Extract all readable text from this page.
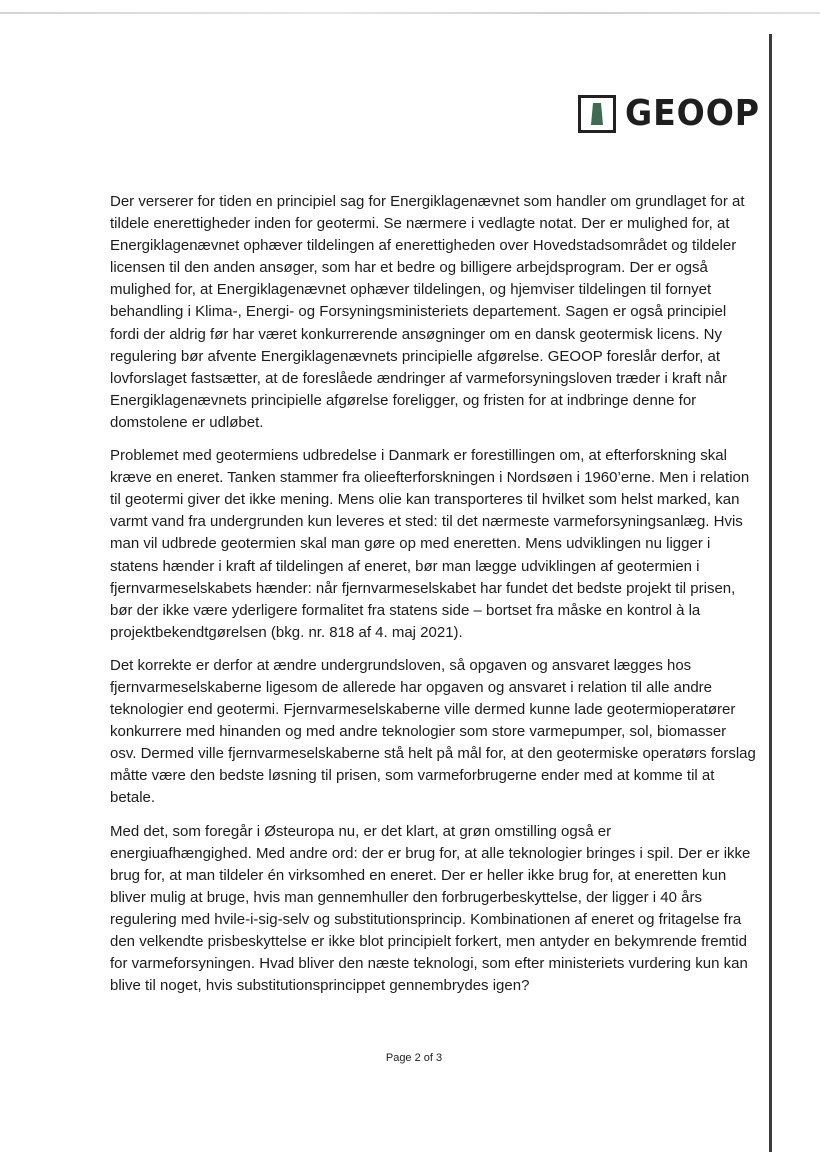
GEOOP

Der verserer for tiden en principiel sag for Energiklagenævnet som handler om grundlaget for at tildele enerettigheder inden for geotermi. Se nærmere i vedlagte notat. Der er mulighed for, at Energiklagenævnet ophæver tildelingen af enerettigheden over Hovedstadsområdet og tildeler licensen til den anden ansøger, som har et bedre og billigere arbejdsprogram. Der er også mulighed for, at Energiklagenævnet ophæver tildelingen, og hjemviser tildelingen til fornyet behandling i Klima-, Energi- og Forsyningsministeriets departement. Sagen er også principiel fordi der aldrig før har været konkurrerende ansøgninger om en dansk geotermisk licens. Ny regulering bør afvente Energiklagenævnets principielle afgørelse. GEOOP foreslår derfor, at lovforslaget fastsætter, at de foreslåede ændringer af varmeforsyningsloven træder i kraft når Energiklagenævnets principielle afgørelse foreligger, og fristen for at indbringe denne for domstolene er udløbet.

Problemet med geotermiens udbredelse i Danmark er forestillingen om, at efterforskning skal kræve en eneret. Tanken stammer fra olieefterforskningen i Nordsøen i 1960’erne. Men i relation til geotermi giver det ikke mening. Mens olie kan transporteres til hvilket som helst marked, kan varmt vand fra undergrunden kun leveres et sted: til det nærmeste varmeforsyningsanlæg. Hvis man vil udbrede geotermien skal man gøre op med eneretten. Mens udviklingen nu ligger i statens hænder i kraft af tildelingen af eneret, bør man lægge udviklingen af geotermien i fjernvarmeselskabets hænder: når fjernvarmeselskabet har fundet det bedste projekt til prisen, bør der ikke være yderligere formalitet fra statens side – bortset fra måske en kontrol à la projektbekendtgørelsen (bkg. nr. 818 af 4. maj 2021).

Det korrekte er derfor at ændre undergrundsloven, så opgaven og ansvaret lægges hos fjernvarmeselskaberne ligesom de allerede har opgaven og ansvaret i relation til alle andre teknologier end geotermi. Fjernvarmeselskaberne ville dermed kunne lade geotermioperatører konkurrere med hinanden og med andre teknologier som store varmepumper, sol, biomasser osv. Dermed ville fjernvarmeselskaberne stå helt på mål for, at den geotermiske operatørs forslag måtte være den bedste løsning til prisen, som varmeforbrugerne ender med at komme til at betale.

Med det, som foregår i Østeuropa nu, er det klart, at grøn omstilling også er energiuafhængighed. Med andre ord: der er brug for, at alle teknologier bringes i spil. Der er ikke brug for, at man tildeler én virksomhed en eneret. Der er heller ikke brug for, at eneretten kun bliver mulig at bruge, hvis man gennemhuller den forbrugerbeskyttelse, der ligger i 40 års regulering med hvile-i-sig-selv og substitutionsprincip. Kombinationen af eneret og fritagelse fra den velkendte prisbeskyttelse er ikke blot principielt forkert, men antyder en bekymrende fremtid for varmeforsyningen. Hvad bliver den næste teknologi, som efter ministeriets vurdering kun kan blive til noget, hvis substitutionsprincippet gennembrydes igen?

Page 2 of 3
